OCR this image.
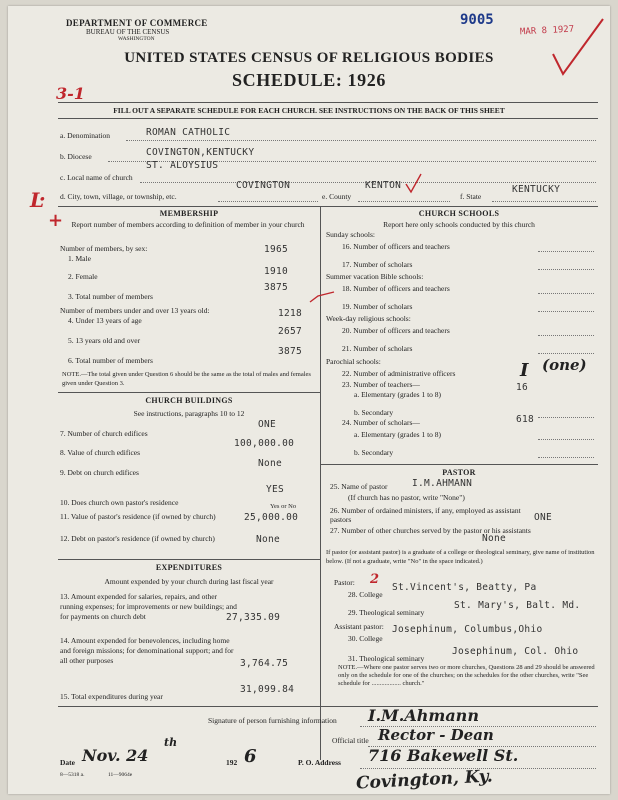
DEPARTMENT OF COMMERCE
BUREAU OF THE CENSUS
WASHINGTON
9005
MAR 8 1927
UNITED STATES CENSUS OF RELIGIOUS BODIES
SCHEDULE: 1926
3-1
FILL OUT A SEPARATE SCHEDULE FOR EACH CHURCH. SEE INSTRUCTIONS ON THE BACK OF THIS SHEET
a. Denomination	ROMAN CATHOLIC
b. Diocese	COVINGTON,KENTUCKY
c. Local name of church
ST. ALOYSIUS
d. City, town, village, or township, etc.
COVINGTON
e. County
KENTON
f. State
KENTUCKY
Ŀ
+	MEMBERSHIP
Report number of members according to definition of member in your church
Number of members, by sex:
1. Male
1965
2. Female	1910
3. Total number of members
3875
Number of members under and over 13 years old:
4. Under 13 years of age
1218
5. 13 years old and over
2657
6. Total number of members
3875
NOTE.—The total given under Question 6 should be the same as the total of males and females given under Question 3.
CHURCH BUILDINGS
See instructions, paragraphs 10 to 12
7. Number of church edifices
ONE
8. Value of church edifices
100,000.00
9. Debt on church edifices
None
10. Does church own pastor's residence
YES
Yes or No
11. Value of pastor's residence (if owned by church)	25,000.00
12. Debt on pastor's residence (if owned by church)	None
EXPENDITURES
Amount expended by your church during last fiscal year
13. Amount expended for salaries, repairs, and other running expenses; for improvements or new buildings; and for payments on church debt	27,335.09
14. Amount expended for benevolences, including home and foreign missions; for denominational support; and for all other purposes	3,764.75
15. Total expenditures during year
31,099.84
CHURCH SCHOOLS
Report here only schools conducted by this church
Sunday schools:
16. Number of officers and teachers
17. Number of scholars
Summer vacation Bible schools:
18. Number of officers and teachers
19. Number of scholars
Week-day religious schools:
20. Number of officers and teachers
21. Number of scholars
Parochial schools:
22. Number of administrative officers	I (one)
23. Number of teachers—
a. Elementary (grades 1 to 8)
16
b. Secondary
24. Number of scholars—	618
a. Elementary (grades 1 to 8)
b. Secondary
PASTOR
25. Name of pastor	I.M.AHMANN
(If church has no pastor, write "None")
26. Number of ordained ministers, if any, employed as assistant pastors	ONE
27. Number of other churches served by the pastor or his assistants
None
If pastor (or assistant pastor) is a graduate of a college or theological seminary, give name of institution below. (If not a graduate, write "No" in the space indicated.)
Pastor: 2
28. College
St.Vincent's, Beatty, Pa
29. Theological seminary
St. Mary's, Balt. Md.
Assistant pastor:
30. College
Josephinum, Columbus,Ohio
31. Theological seminary
Josephinum, Col. Ohio
NOTE.—Where one pastor serves two or more churches, Questions 28 and 29 should be answered only on the schedule for one of the churches; on the schedules for the other churches, write "See schedule for .................. church."
Signature of person furnishing information I.M.Ahmann
Official title Rector - Dean
Date Nov. 24
th
192 6	P. O. Address 716 Bakewell St.
Covington, Ky.
8—5318 a.	11—9064e
